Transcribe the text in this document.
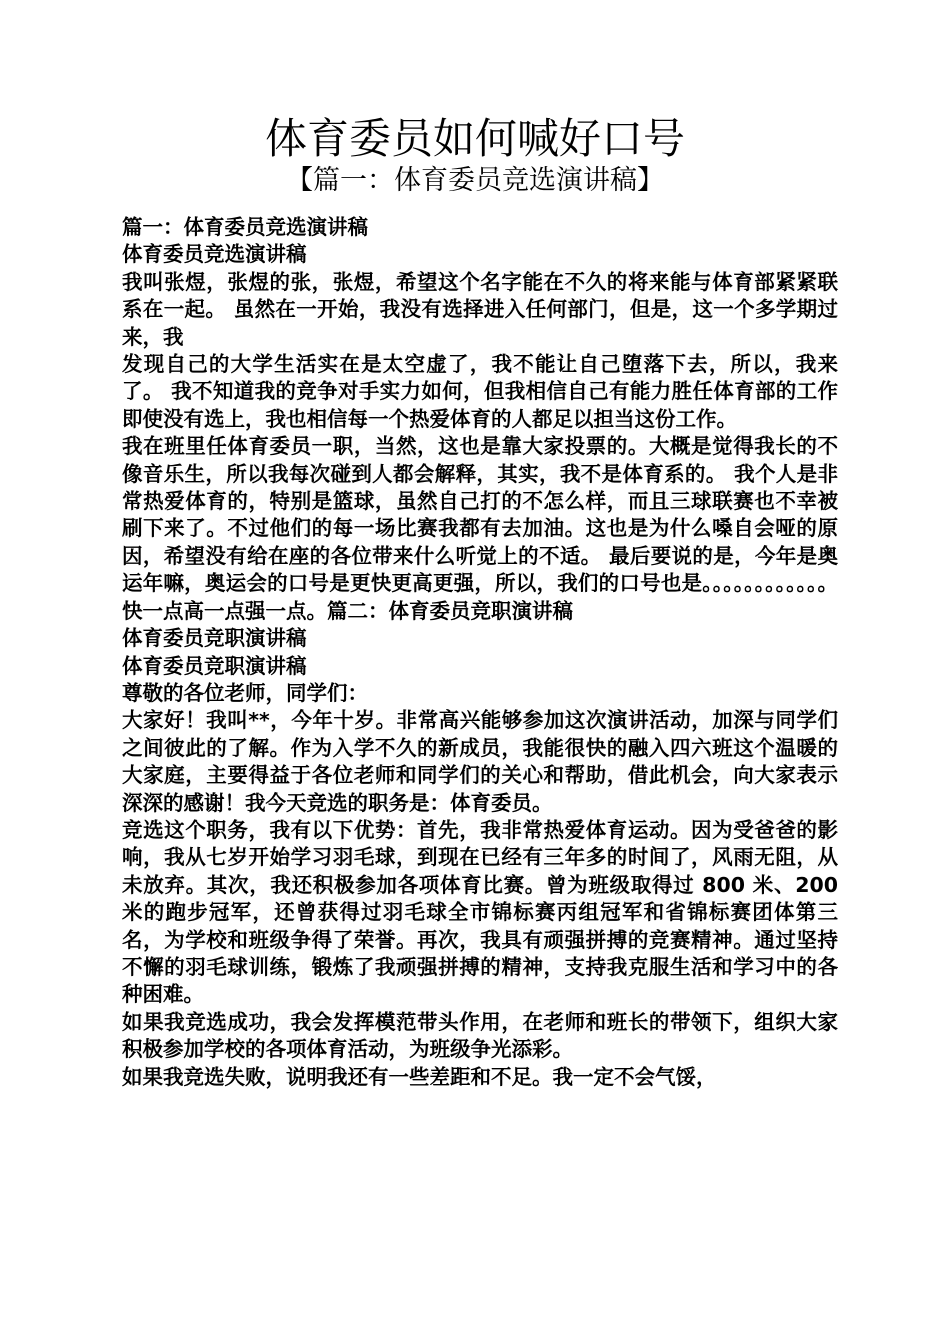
体育委员如何喊好口号
【篇一：体育委员竞选演讲稿】

篇一：体育委员竞选演讲稿

体育委员竞选演讲稿

我叫张煜，张煜的张，张煜，希望这个名字能在不久的将来能与体育部紧紧联系在一起。 虽然在一开始，我没有选择进入任何部门，但是，这一个多学期过来，我

发现自己的大学生活实在是太空虚了，我不能让自己堕落下去，所以，我来了。 我不知道我的竞争对手实力如何，但我相信自己有能力胜任体育部的工作即使没有选上，我也相信每一个热爱体育的人都足以担当这份工作。

我在班里任体育委员一职，当然，这也是靠大家投票的。大概是觉得我长的不像音乐生，所以我每次碰到人都会解释，其实，我不是体育系的。 我个人是非常热爱体育的，特别是篮球，虽然自己打的不怎么样，而且三球联赛也不幸被刷下来了。不过他们的每一场比赛我都有去加油。这也是为什么嗓自会哑的原因，希望没有给在座的各位带来什么听觉上的不适。 最后要说的是，今年是奥运年嘛，奥运会的口号是更快更高更强，所以，我们的口号也是。。。。。。。。。。。。快一点高一点强一点。篇二：体育委员竞职演讲稿

体育委员竞职演讲稿

体育委员竞职演讲稿

尊敬的各位老师，同学们：

大家好！我叫**，今年十岁。非常高兴能够参加这次演讲活动，加深与同学们之间彼此的了解。作为入学不久的新成员，我能很快的融入四六班这个温暖的大家庭，主要得益于各位老师和同学们的关心和帮助，借此机会，向大家表示深深的感谢！我今天竞选的职务是：体育委员。

竞选这个职务，我有以下优势：首先，我非常热爱体育运动。因为受爸爸的影响，我从七岁开始学习羽毛球，到现在已经有三年多的时间了，风雨无阻，从未放弃。其次，我还积极参加各项体育比赛。曾为班级取得过 800 米、200 米的跑步冠军，还曾获得过羽毛球全市锦标赛丙组冠军和省锦标赛团体第三名，为学校和班级争得了荣誉。再次，我具有顽强拼搏的竞赛精神。通过坚持不懈的羽毛球训练，锻炼了我顽强拼搏的精神，支持我克服生活和学习中的各种困难。

如果我竞选成功，我会发挥模范带头作用，在老师和班长的带领下，组织大家积极参加学校的各项体育活动，为班级争光添彩。

如果我竞选失败，说明我还有一些差距和不足。我一定不会气馁，
